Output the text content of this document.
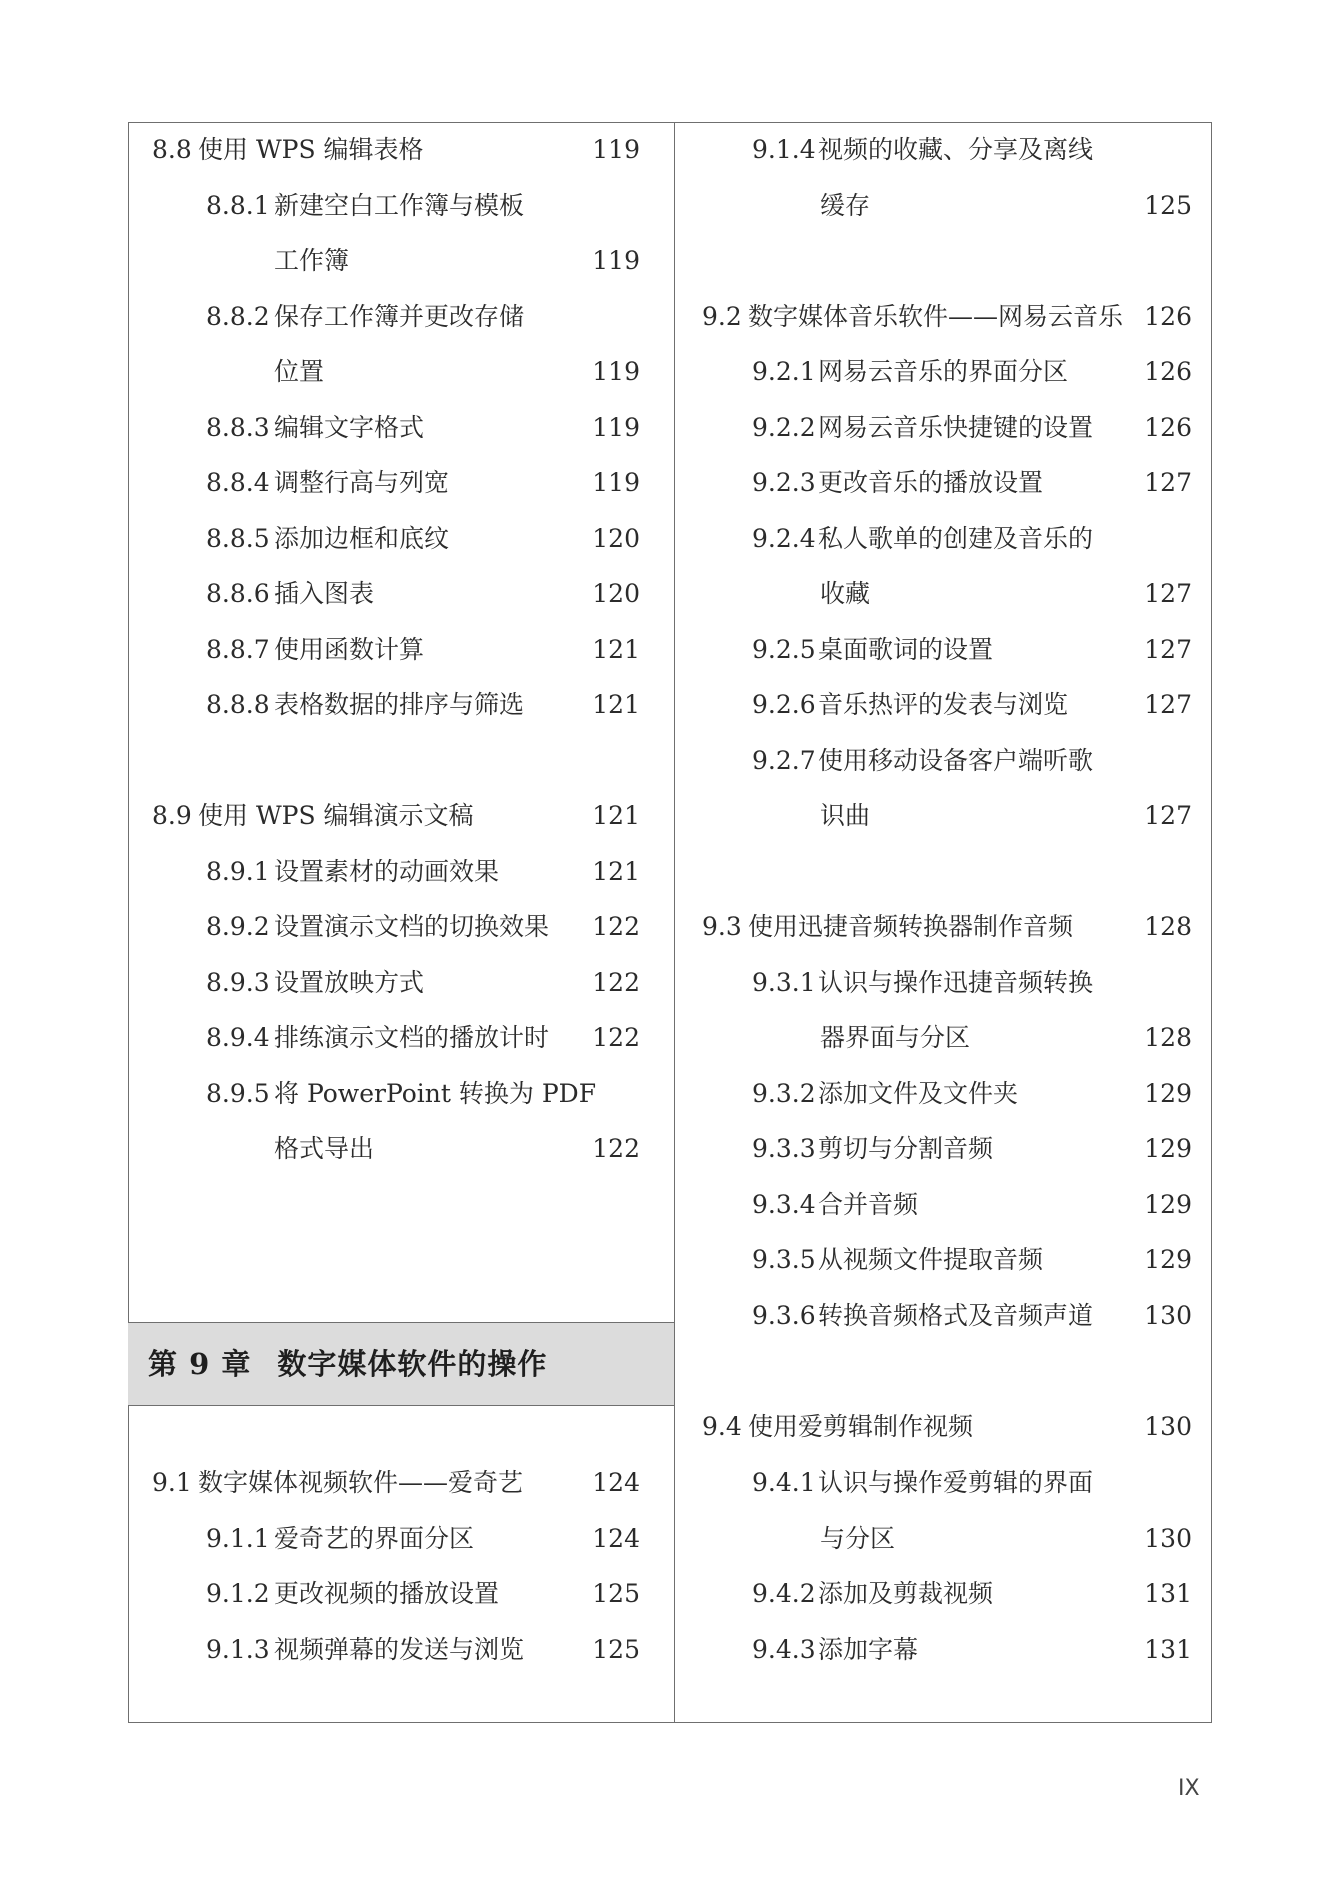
第 9 章 数字媒体软件的操作
8.8 使用 WPS 编辑表格	119
8.8.1 新建空白工作簿与模板
工作簿	119
8.8.2 保存工作簿并更改存储
位置	119
8.8.3 编辑文字格式	119
8.8.4 调整行高与列宽	119
8.8.5 添加边框和底纹	120
8.8.6 插入图表	120
8.8.7 使用函数计算	121
8.8.8 表格数据的排序与筛选	121
8.9 使用 WPS 编辑演示文稿	121
8.9.1 设置素材的动画效果	121
8.9.2 设置演示文档的切换效果	122
8.9.3 设置放映方式	122
8.9.4 排练演示文档的播放计时	122
8.9.5 将 PowerPoint 转换为 PDF
格式导出	122
9.1 数字媒体视频软件——爱奇艺	124
9.1.1 爱奇艺的界面分区	124
9.1.2 更改视频的播放设置	125
9.1.3 视频弹幕的发送与浏览	125
9.1.4视频的收藏、分享及离线
缓存	125
9.2 数字媒体音乐软件——网易云音乐 126
9.2.1网易云音乐的界面分区	126
9.2.2网易云音乐快捷键的设置	126
9.2.3更改音乐的播放设置	127
9.2.4私人歌单的创建及音乐的
收藏	127
9.2.5桌面歌词的设置	127
9.2.6音乐热评的发表与浏览	127
9.2.7使用移动设备客户端听歌
识曲	127
9.3 使用迅捷音频转换器制作音频	128
9.3.1认识与操作迅捷音频转换
器界面与分区	128
9.3.2添加文件及文件夹	129
9.3.3剪切与分割音频	129
9.3.4合并音频	129
9.3.5从视频文件提取音频	129
9.3.6转换音频格式及音频声道	130
9.4 使用爱剪辑制作视频	130
9.4.1认识与操作爱剪辑的界面
与分区	130
9.4.2添加及剪裁视频	131
9.4.3添加字幕	131
IX
